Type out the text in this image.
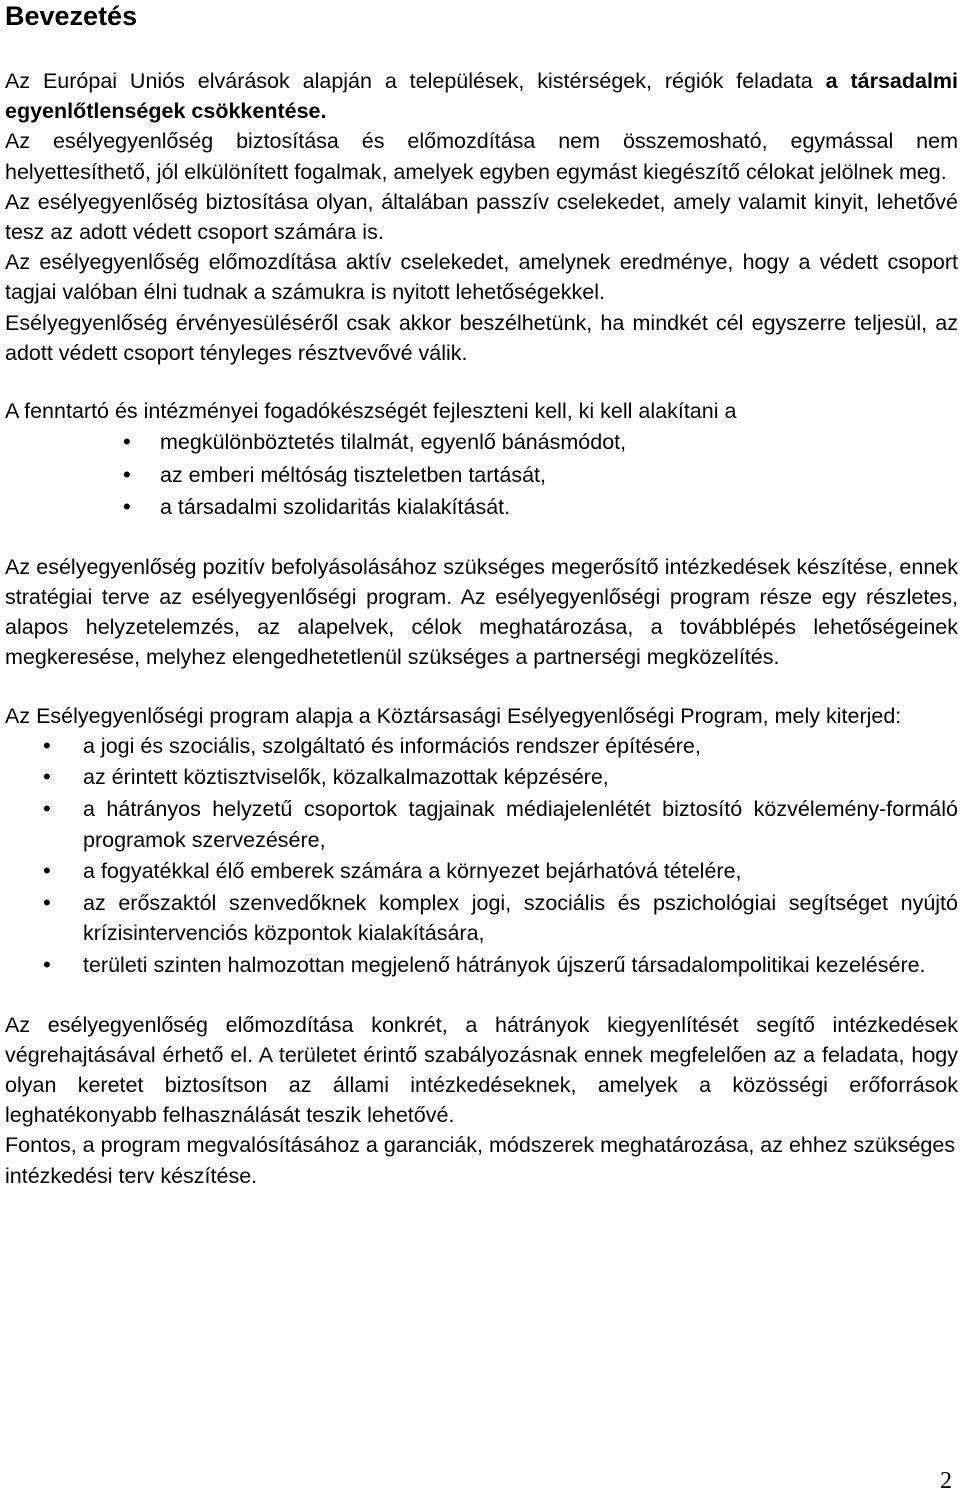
Bevezetés

Az Európai Uniós elvárások alapján a települések, kistérségek, régiók feladata a társadalmi egyenlőtlenségek csökkentése.

Az esélyegyenlőség biztosítása és előmozdítása nem összemosható, egymással nem helyettesíthető, jól elkülönített fogalmak, amelyek egyben egymást kiegészítő célokat jelölnek meg.

Az esélyegyenlőség biztosítása olyan, általában passzív cselekedet, amely valamit kinyit, lehetővé tesz az adott védett csoport számára is.

Az esélyegyenlőség előmozdítása aktív cselekedet, amelynek eredménye, hogy a védett csoport tagjai valóban élni tudnak a számukra is nyitott lehetőségekkel.

Esélyegyenlőség érvényesüléséről csak akkor beszélhetünk, ha mindkét cél egyszerre teljesül, az adott védett csoport tényleges résztvevővé válik.

A fenntartó és intézményei fogadókészségét fejleszteni kell, ki kell alakítani a

• megkülönböztetés tilalmát, egyenlő bánásmódot,
• az emberi méltóság tiszteletben tartását,
• a társadalmi szolidaritás kialakítását.

Az esélyegyenlőség pozitív befolyásolásához szükséges megerősítő intézkedések készítése, ennek stratégiai terve az esélyegyenlőségi program. Az esélyegyenlőségi program része egy részletes, alapos helyzetelemzés, az alapelvek, célok meghatározása, a továbblépés lehetőségeinek megkeresése, melyhez elengedhetetlenül szükséges a partnerségi megközelítés.

Az Esélyegyenlőségi program alapja a Köztársasági Esélyegyenlőségi Program, mely kiterjed:

• a jogi és szociális, szolgáltató és információs rendszer építésére,
• az érintett köztisztviselők, közalkalmazottak képzésére,
• a hátrányos helyzetű csoportok tagjainak médiajelenlétét biztosító közvélemény-formáló programok szervezésére,
• a fogyatékkal élő emberek számára a környezet bejárhatóvá tételére,
• az erőszaktól szenvedőknek komplex jogi, szociális és pszichológiai segítséget nyújtó krízisintervenciós központok kialakítására,
• területi szinten halmozottan megjelenő hátrányok újszerű társadalompolitikai kezelésére.

Az esélyegyenlőség előmozdítása konkrét, a hátrányok kiegyenlítését segítő intézkedések végrehajtásával érhető el. A területet érintő szabályozásnak ennek megfelelően az a feladata, hogy olyan keretet biztosítson az állami intézkedéseknek, amelyek a közösségi erőforrások leghatékonyabb felhasználását teszik lehetővé.

Fontos, a program megvalósításához a garanciák, módszerek meghatározása, az ehhez szükséges intézkedési terv készítése.

2
